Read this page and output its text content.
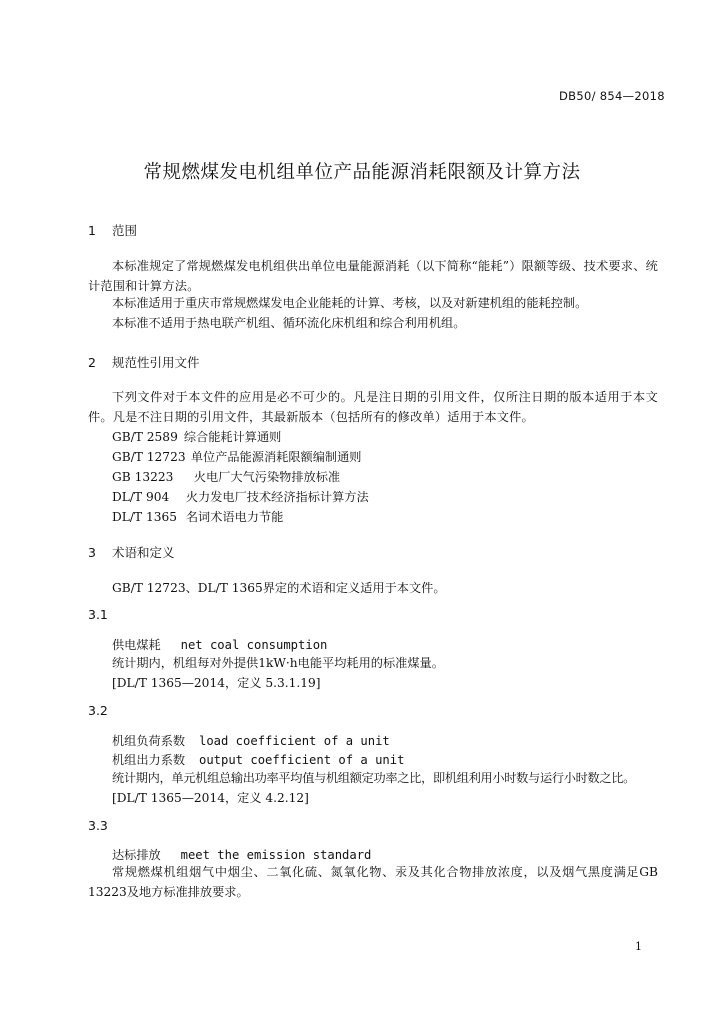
DB50/ 854—2018
常规燃煤发电机组单位产品能源消耗限额及计算方法
1 范围
本标准规定了常规燃煤发电机组供出单位电量能源消耗（以下简称“能耗”）限额等级、技术要求、统计范围和计算方法。
本标准适用于重庆市常规燃煤发电企业能耗的计算、考核，以及对新建机组的能耗控制。
本标准不适用于热电联产机组、循环流化床机组和综合利用机组。
2 规范性引用文件
下列文件对于本文件的应用是必不可少的。凡是注日期的引用文件，仅所注日期的版本适用于本文件。凡是不注日期的引用文件，其最新版本（包括所有的修改单）适用于本文件。
GB/T 2589 综合能耗计算通则
GB/T 12723 单位产品能源消耗限额编制通则
GB 13223 火电厂大气污染物排放标准
DL/T 904 火力发电厂技术经济指标计算方法
DL/T 1365 名词术语电力节能
3 术语和定义
GB/T 12723、DL/T 1365界定的术语和定义适用于本文件。
3.1
供电煤耗 net coal consumption
统计期内，机组每对外提供1kW·h电能平均耗用的标准煤量。
[DL/T 1365—2014，定义 5.3.1.19]
3.2
机组负荷系数 load coefficient of a unit
机组出力系数 output coefficient of a unit
统计期内，单元机组总输出功率平均值与机组额定功率之比，即机组利用小时数与运行小时数之比。
[DL/T 1365—2014，定义 4.2.12]
3.3
达标排放 meet the emission standard
常规燃煤机组烟气中烟尘、二氧化硫、氮氧化物、汞及其化合物排放浓度，以及烟气黑度满足GB 13223及地方标准排放要求。
1
